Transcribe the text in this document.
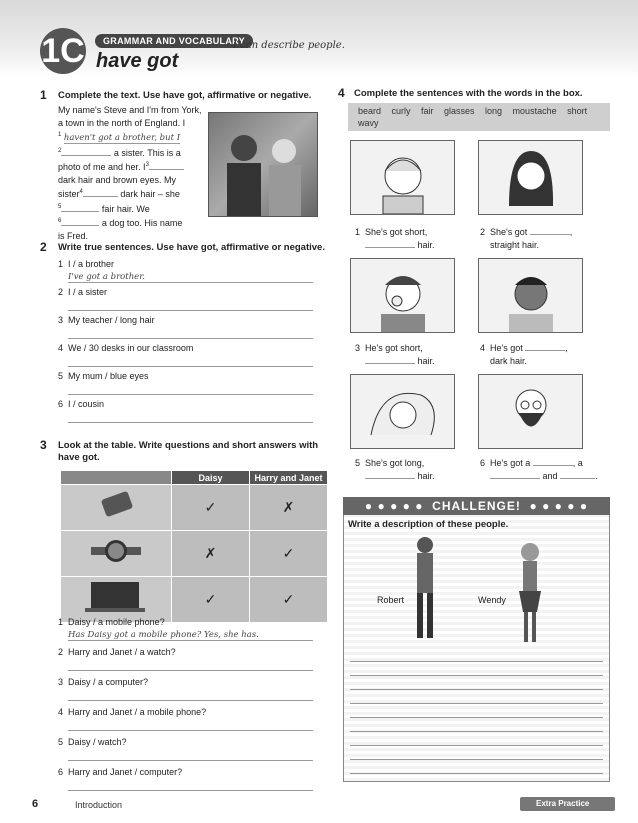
1C	GRAMMAR AND VOCABULARY
have got
I can describe people.
1 Complete the text. Use have got, affirmative or negative.
My name's Steve and I'm from York,
a town in the north of England. I
$^1$ haven't got a brother, but I
$^2$	a sister. This is a
photo of me and her. $I^3$
dark hair and brown eyes. My
sister$^4$	dark hair – she
$^5$	fair hair. We
$^6$	a dog too. His name
is Fred.
2 Write true sentences. Use have got, affirmative or negative.
1 I / a brother
I've got a brother.
2 I / a sister
3 My teacher / long hair
4 We / 30 desks in our classroom
5 My mum / blue eyes
6 I / cousin
3 Look at the table. Write questions and short answers with have got.
	Daisy	Harry and Janet
	✓	✗
	✗	✓
	✓	✓
1 Daisy / a mobile phone?
Has Daisy got a mobile phone? Yes, she has.
2 Harry and Janet / a watch?
3 Daisy / a computer?
4 Harry and Janet / a mobile phone?
5 Daisy / watch?
6 Harry and Janet / computer?
4 Complete the sentences with the words in the box.
beard curly fair glasses long moustache short wavy
1 She's got short,
hair.
2 She's got	,
straight hair.
3 He's got short,
hair.
4 He's got	,
dark hair.
5 She's got long,
hair.
6 He's got a	, a
and	.
● ● ● ● ●  CHALLENGE!  ● ● ● ● ●
Write a description of these people.
Robert	Wendy
6	Introduction	Extra Practice
